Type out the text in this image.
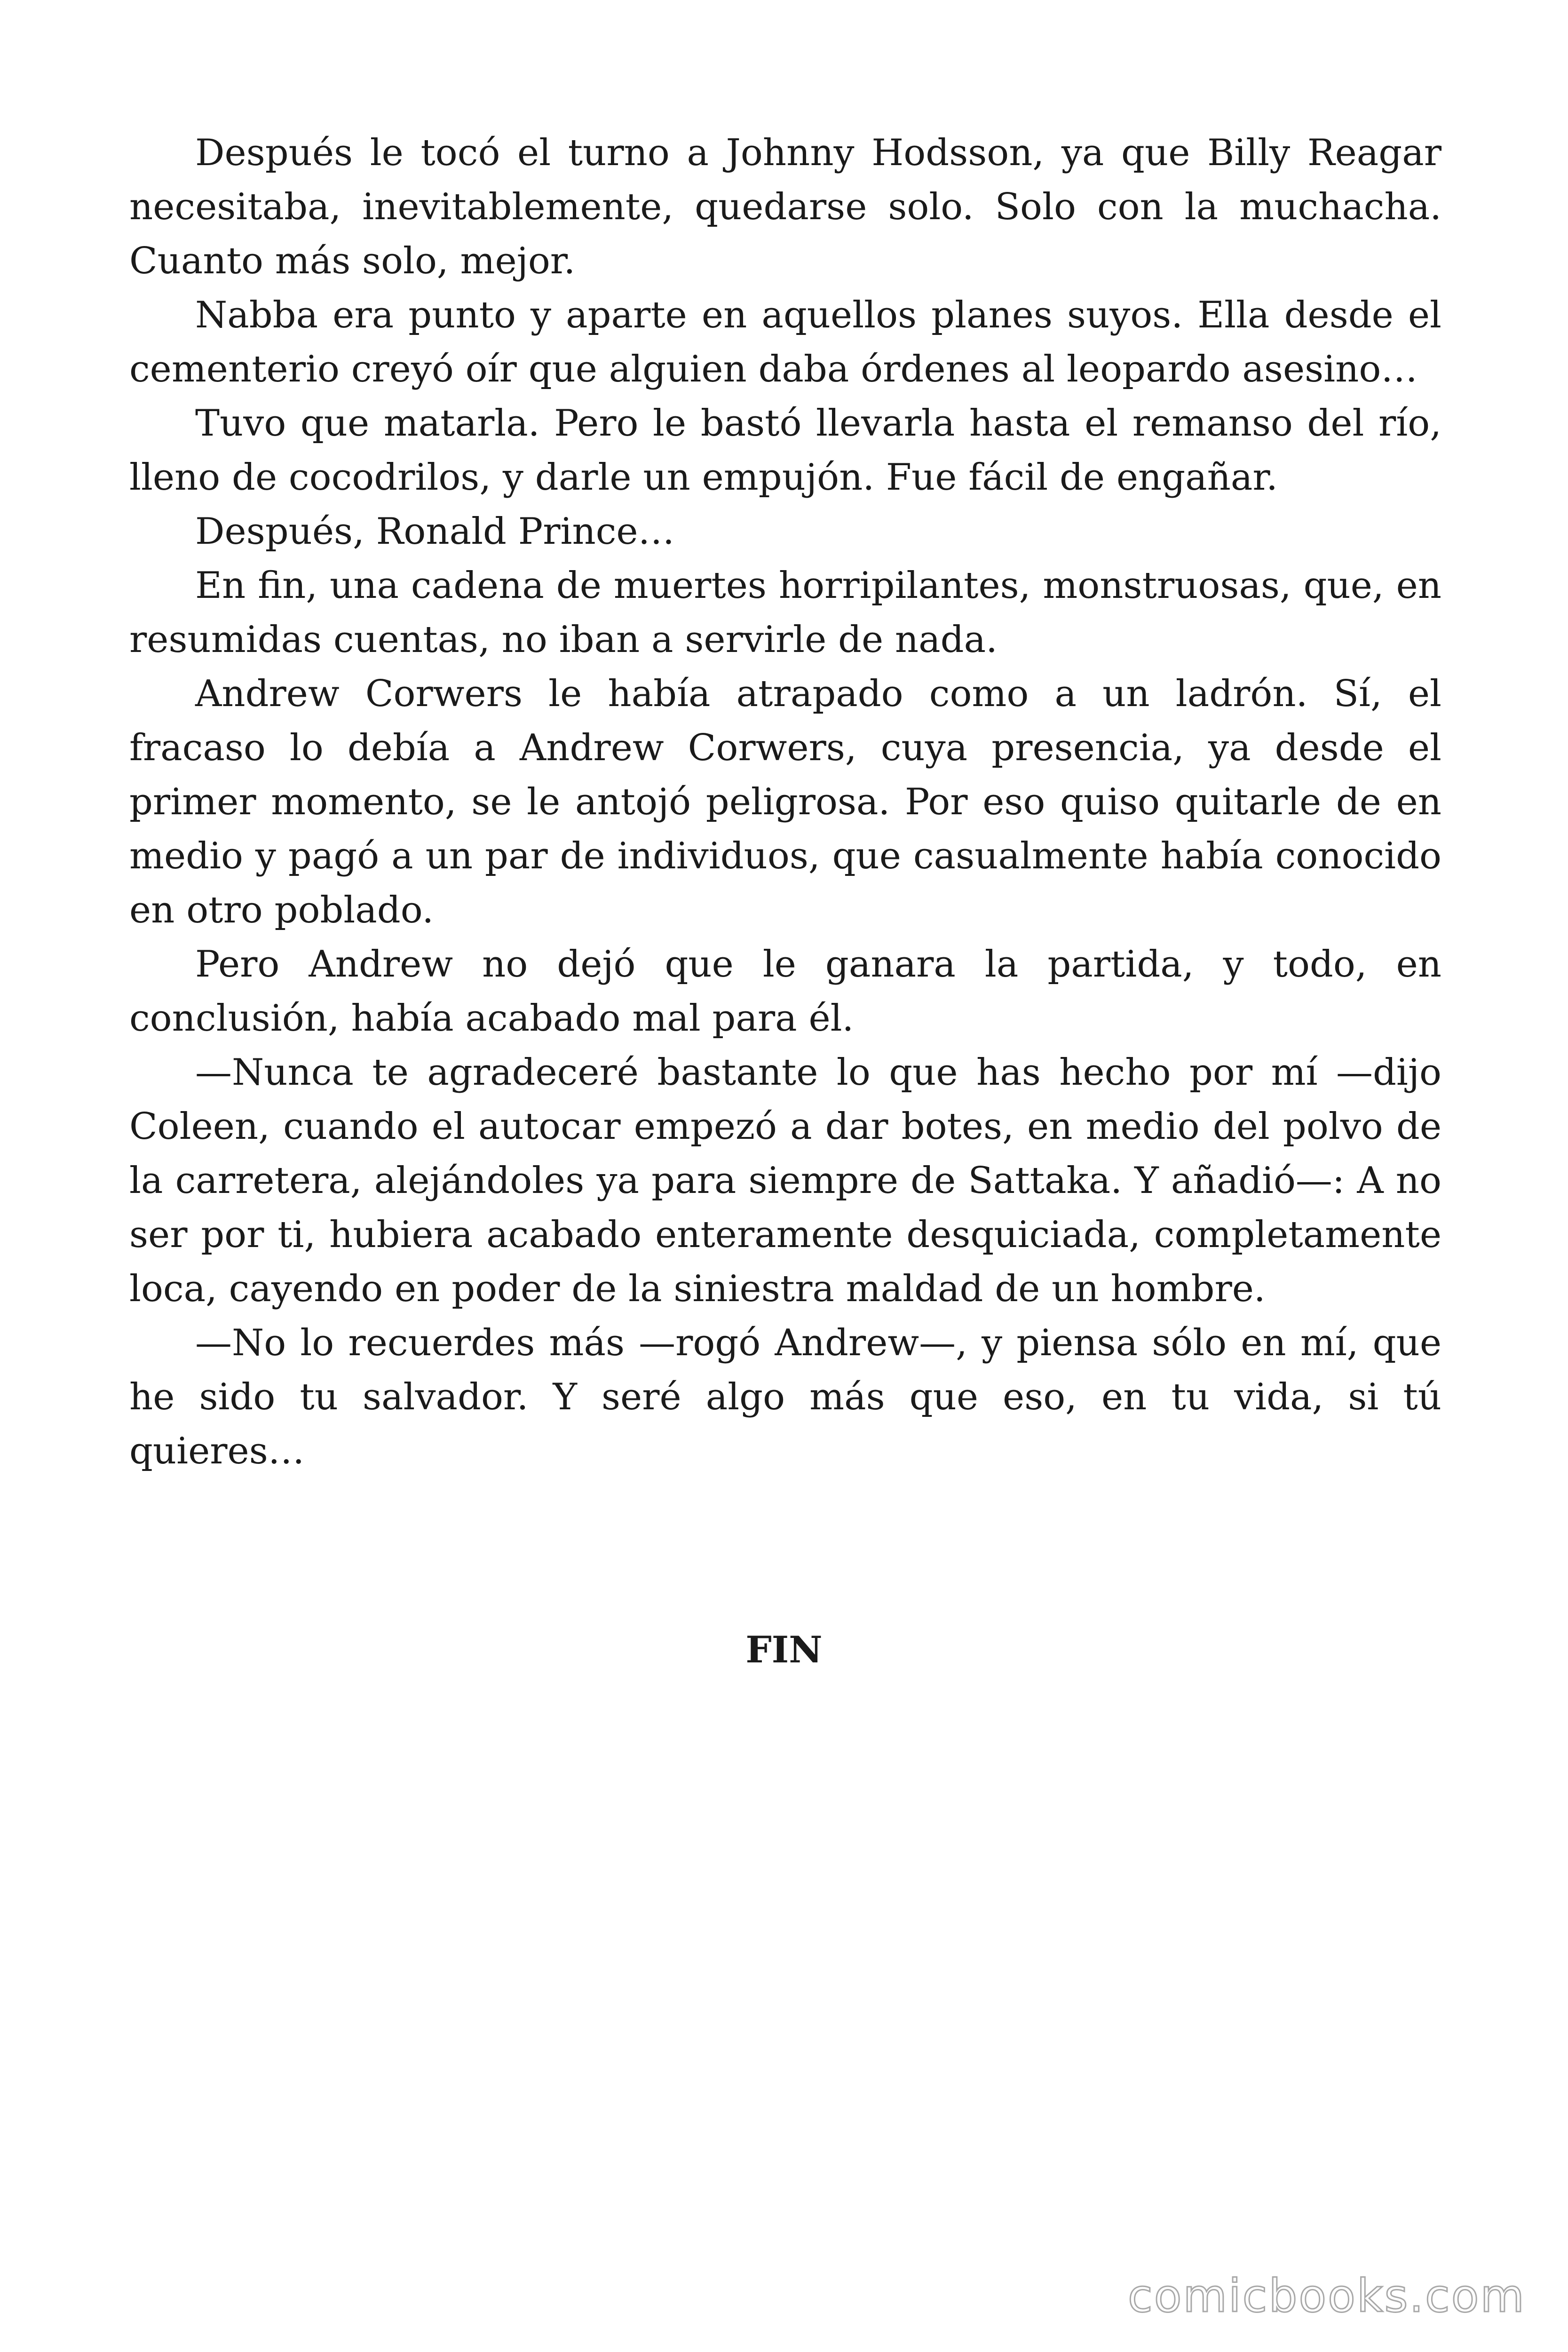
Después le tocó el turno a Johnny Hodsson, ya que Billy Reagar necesitaba, inevitablemente, quedarse solo. Solo con la muchacha. Cuanto más solo, mejor.

Nabba era punto y aparte en aquellos planes suyos. Ella desde el cementerio creyó oír que alguien daba órdenes al leopardo asesino…

Tuvo que matarla. Pero le bastó llevarla hasta el remanso del río, lleno de cocodrilos, y darle un empujón. Fue fácil de engañar.

Después, Ronald Prince…

En fin, una cadena de muertes horripilantes, monstruosas, que, en resumidas cuentas, no iban a servirle de nada.

Andrew Corwers le había atrapado como a un ladrón. Sí, el fracaso lo debía a Andrew Corwers, cuya presencia, ya desde el primer momento, se le antojó peligrosa. Por eso quiso quitarle de en medio y pagó a un par de individuos, que casualmente había conocido en otro poblado.

Pero Andrew no dejó que le ganara la partida, y todo, en conclusión, había acabado mal para él.

—Nunca te agradeceré bastante lo que has hecho por mí —dijo Coleen, cuando el autocar empezó a dar botes, en medio del polvo de la carretera, alejándoles ya para siempre de Sattaka. Y añadió—: A no ser por ti, hubiera acabado enteramente desquiciada, completamente loca, cayendo en poder de la siniestra maldad de un hombre.

—No lo recuerdes más —rogó Andrew—, y piensa sólo en mí, que he sido tu salvador. Y seré algo más que eso, en tu vida, si tú quieres…

FIN
comicbooks.com
